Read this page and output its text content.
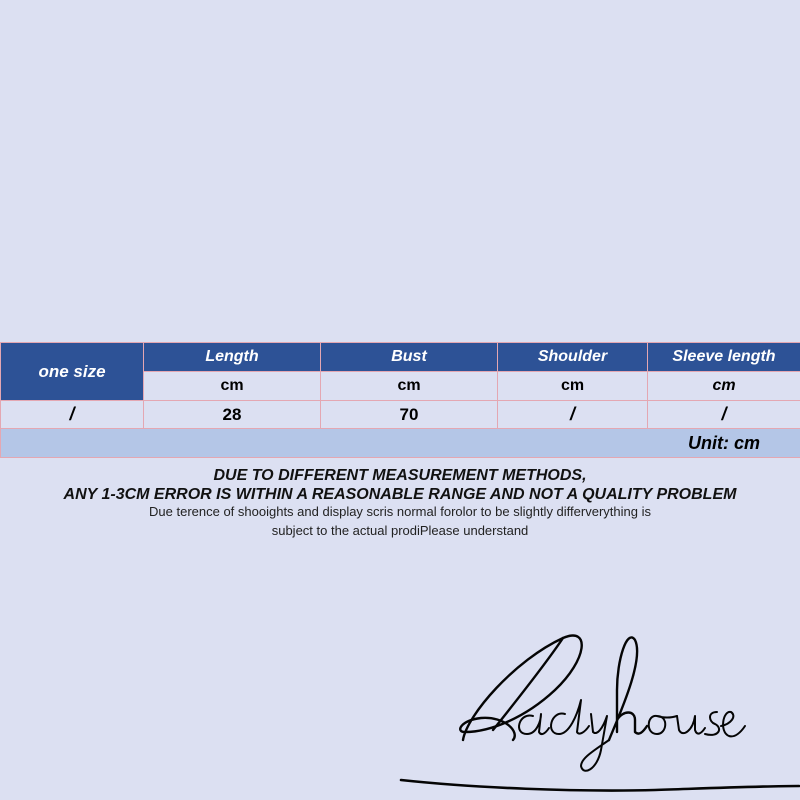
one size	Length	Bust	Shoulder	Sleeve length
	cm	cm	cm	cm
/	28	70	/	/
Unit: cm				
DUE TO DIFFERENT MEASUREMENT METHODS,
ANY 1-3CM ERROR IS WITHIN A REASONABLE RANGE AND NOT A QUALITY PROBLEM
Due terence of shooights and display scris normal forolor to be slightly differverything is
subject to the actual prodiPlease understand
